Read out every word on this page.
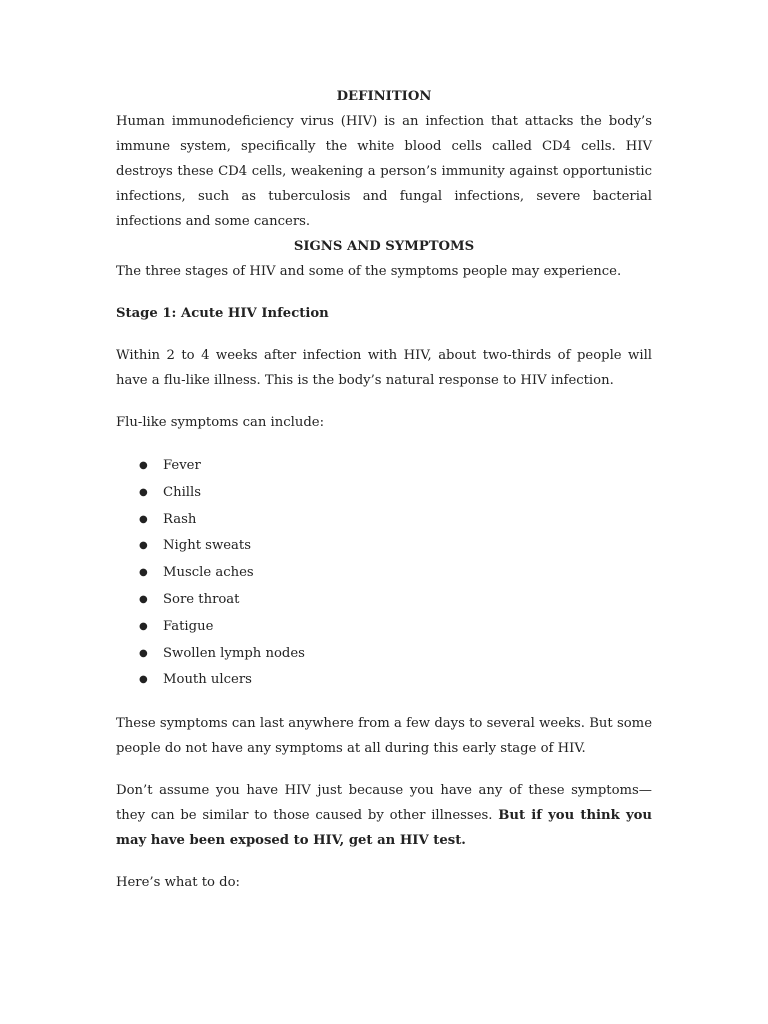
DEFINITION

Human immunodeficiency virus (HIV) is an infection that attacks the body’s immune system, specifically the white blood cells called CD4 cells. HIV destroys these CD4 cells, weakening a person’s immunity against opportunistic infections, such as tuberculosis and fungal infections, severe bacterial infections and some cancers.

SIGNS AND SYMPTOMS

The three stages of HIV and some of the symptoms people may experience.

Stage 1: Acute HIV Infection

Within 2 to 4 weeks after infection with HIV, about two-thirds of people will have a flu-like illness. This is the body’s natural response to HIV infection.

Flu-like symptoms can include:

● Fever
● Chills
● Rash
● Night sweats
● Muscle aches
● Sore throat
● Fatigue
● Swollen lymph nodes
● Mouth ulcers

These symptoms can last anywhere from a few days to several weeks. But some people do not have any symptoms at all during this early stage of HIV.

Don’t assume you have HIV just because you have any of these symptoms—they can be similar to those caused by other illnesses. But if you think you may have been exposed to HIV, get an HIV test.

Here’s what to do:
